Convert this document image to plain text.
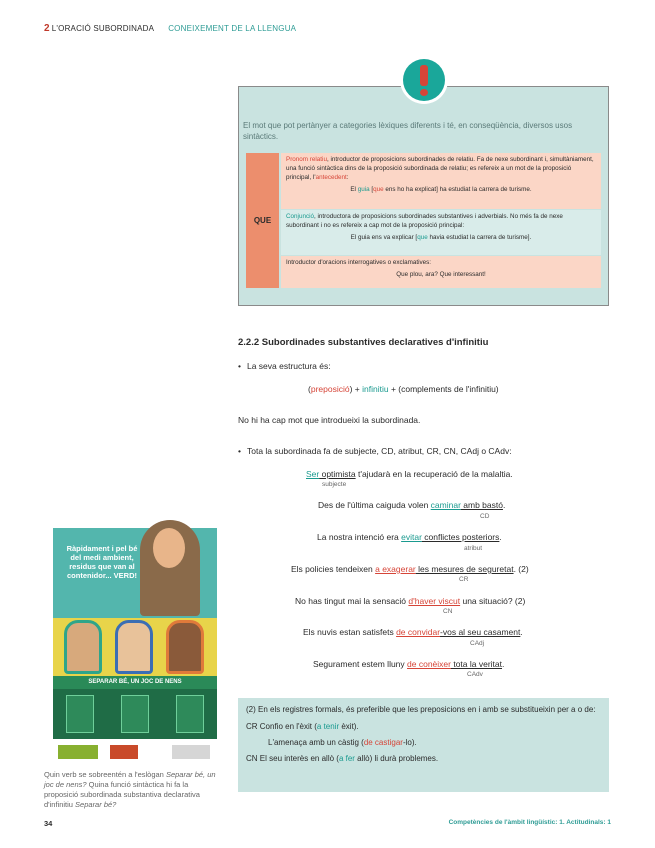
2 L'ORACIÓ SUBORDINADA CONEIXEMENT DE LA LLENGUA
El mot que pot pertànyer a categories lèxiques diferents i té, en conseqüència, diversos usos sintàctics.
QUE
Pronom relatiu, introductor de proposicions subordinades de relatiu. Fa de nexe subordinant i, simultàniament, una funció sintàctica dins de la proposició subordinada de relatiu; es refereix a un mot de la proposició principal, l'antecedent:
El guia [que ens ho ha explicat] ha estudiat la carrera de turisme.
Conjunció, introductora de proposicions subordinades substantives i adverbials. No més fa de nexe subordinant i no es refereix a cap mot de la proposició principal:
El guia ens va explicar [que havia estudiat la carrera de turisme].
Introductor d'oracions interrogatives o exclamatives:
Que plou, ara? Que interessant!
2.2.2 Subordinades substantives declaratives d'infinitiu
• La seva estructura és:
(preposició) + infinitiu + (complements de l'infinitiu)
No hi ha cap mot que introdueixi la subordinada.
• Tota la subordinada fa de subjecte, CD, atribut, CR, CN, CAdj o CAdv:
Ser optimista t'ajudarà en la recuperació de la malaltia.
subjecte
Des de l'última caiguda volen caminar amb bastó.
CD
La nostra intenció era evitar conflictes posteriors.
atribut
Els policies tendeixen a exagerar les mesures de seguretat. (2)
CR
No has tingut mai la sensació d'haver viscut una situació? (2)
CN
Els nuvis estan satisfets de convidar-vos al seu casament.
CAdj
Segurament estem lluny de conèixer tota la veritat.
CAdv
(2) En els registres formals, és preferible que les preposicions en i amb se substitueixin per a o de:
CR Confio en l'èxit (a tenir èxit).
L'amenaça amb un càstig (de castigar-lo).
CN El seu interès en allò (a fer allò) li durà problemes.
Ràpidament i pel bé del medi ambient, residus que van al contenidor... VERD!
SEPARAR BÉ, UN JOC DE NENS
Quin verb se sobreentén a l'eslògan Separar bé, un joc de nens? Quina funció sintàctica hi fa la proposició subordinada substantiva declarativa d'infinitiu Separar bé?
34	Competències de l'àmbit lingüístic: 1. Actitudinals: 1
